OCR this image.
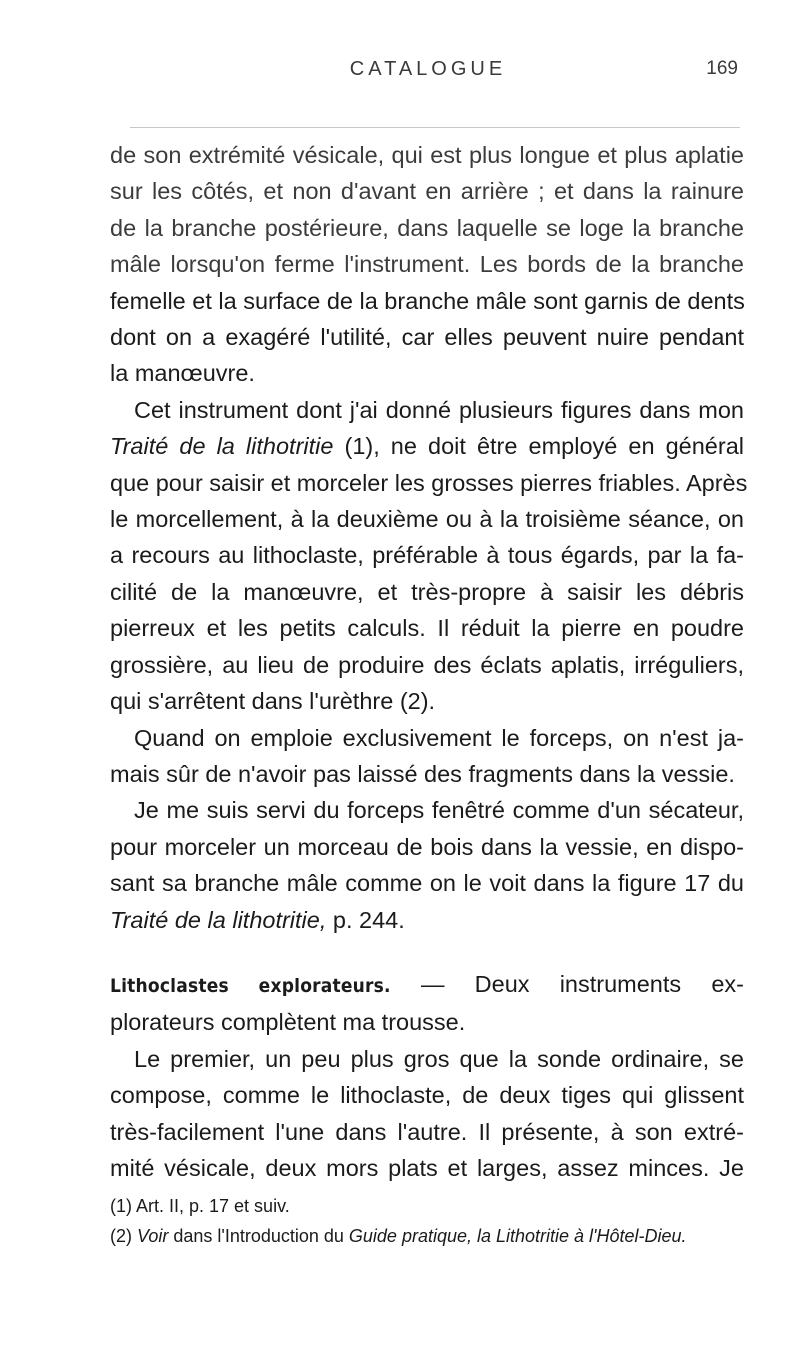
CATALOGUE	169

de son extrémité vésicale, qui est plus longue et plus aplatie
sur les côtés, et non d'avant en arrière ; et dans la rainure
de la branche postérieure, dans laquelle se loge la branche
mâle lorsqu'on ferme l'instrument. Les bords de la branche
femelle et la surface de la branche mâle sont garnis de dents
dont on a exagéré l'utilité, car elles peuvent nuire pendant
la manœuvre.

Cet instrument dont j'ai donné plusieurs figures dans mon
Traité de la lithotritie (1), ne doit être employé en général
que pour saisir et morceler les grosses pierres friables. Après
le morcellement, à la deuxième ou à la troisième séance, on
a recours au lithoclaste, préférable à tous égards, par la fa-
cilité de la manœuvre, et très-propre à saisir les débris
pierreux et les petits calculs. Il réduit la pierre en poudre
grossière, au lieu de produire des éclats aplatis, irréguliers,
qui s'arrêtent dans l'urèthre (2).

Quand on emploie exclusivement le forceps, on n'est ja-
mais sûr de n'avoir pas laissé des fragments dans la vessie.

Je me suis servi du forceps fenêtré comme d'un sécateur,
pour morceler un morceau de bois dans la vessie, en dispo-
sant sa branche mâle comme on le voit dans la figure 17 du
Traité de la lithotritie, p. 244.

Lithoclastes explorateurs. — Deux instruments ex-
plorateurs complètent ma trousse.

Le premier, un peu plus gros que la sonde ordinaire, se
compose, comme le lithoclaste, de deux tiges qui glissent
très-facilement l'une dans l'autre. Il présente, à son extré-
mité vésicale, deux mors plats et larges, assez minces. Je

(1) Art. II, p. 17 et suiv.
(2) Voir dans l'Introduction du Guide pratique, la Lithotritie à l'Hôtel-Dieu.
